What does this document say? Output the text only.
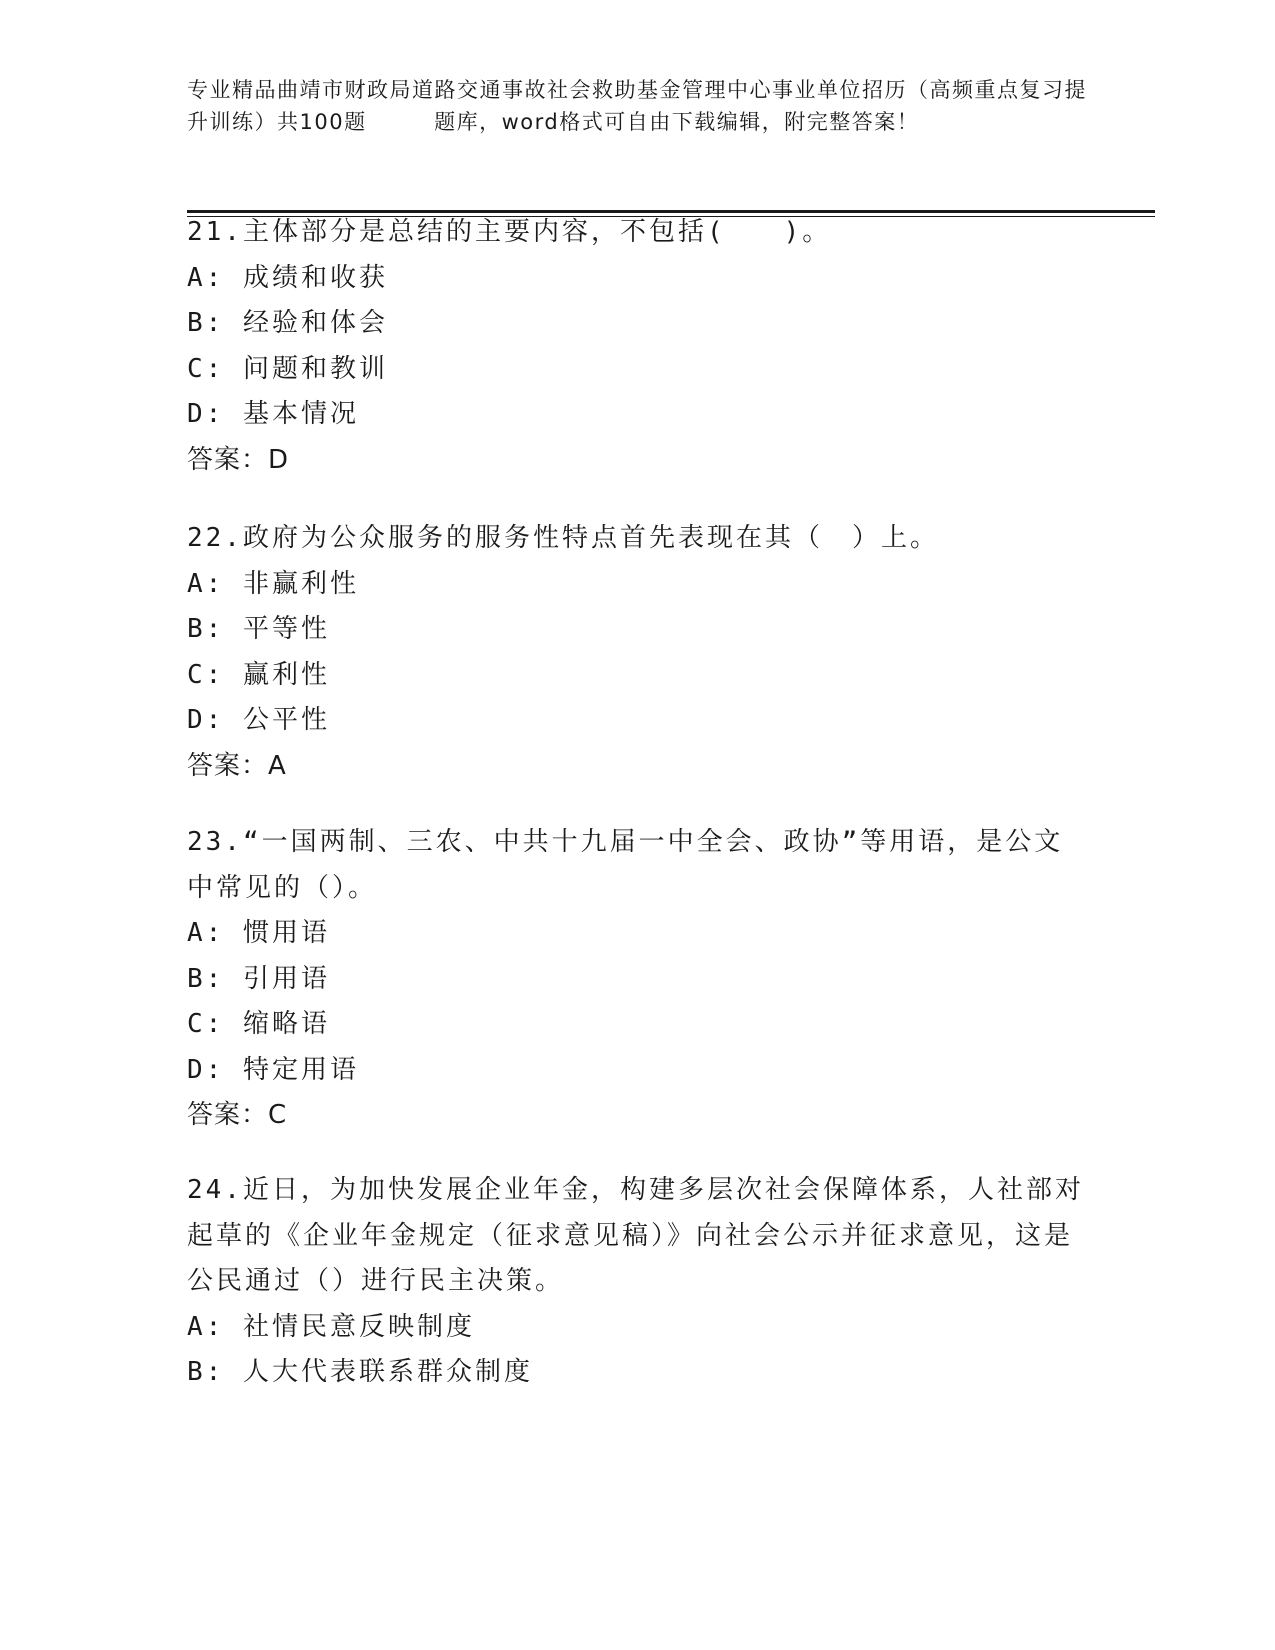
专业精品曲靖市财政局道路交通事故社会救助基金管理中心事业单位招历（高频重点复习提升训练）共100题　　　题库，word格式可自由下载编辑，附完整答案！
21.主体部分是总结的主要内容，不包括(　　)。
A: 成绩和收获
B: 经验和体会
C: 问题和教训
D: 基本情况
答案：D
22.政府为公众服务的服务性特点首先表现在其（　）上。
A: 非赢利性
B: 平等性
C: 赢利性
D: 公平性
答案：A
23.“一国两制、三农、中共十九届一中全会、政协”等用语，是公文中常见的（）。
A: 惯用语
B: 引用语
C: 缩略语
D: 特定用语
答案：C
24.近日，为加快发展企业年金，构建多层次社会保障体系，人社部对起草的《企业年金规定（征求意见稿）》向社会公示并征求意见，这是公民通过（）进行民主决策。
A: 社情民意反映制度
B: 人大代表联系群众制度
